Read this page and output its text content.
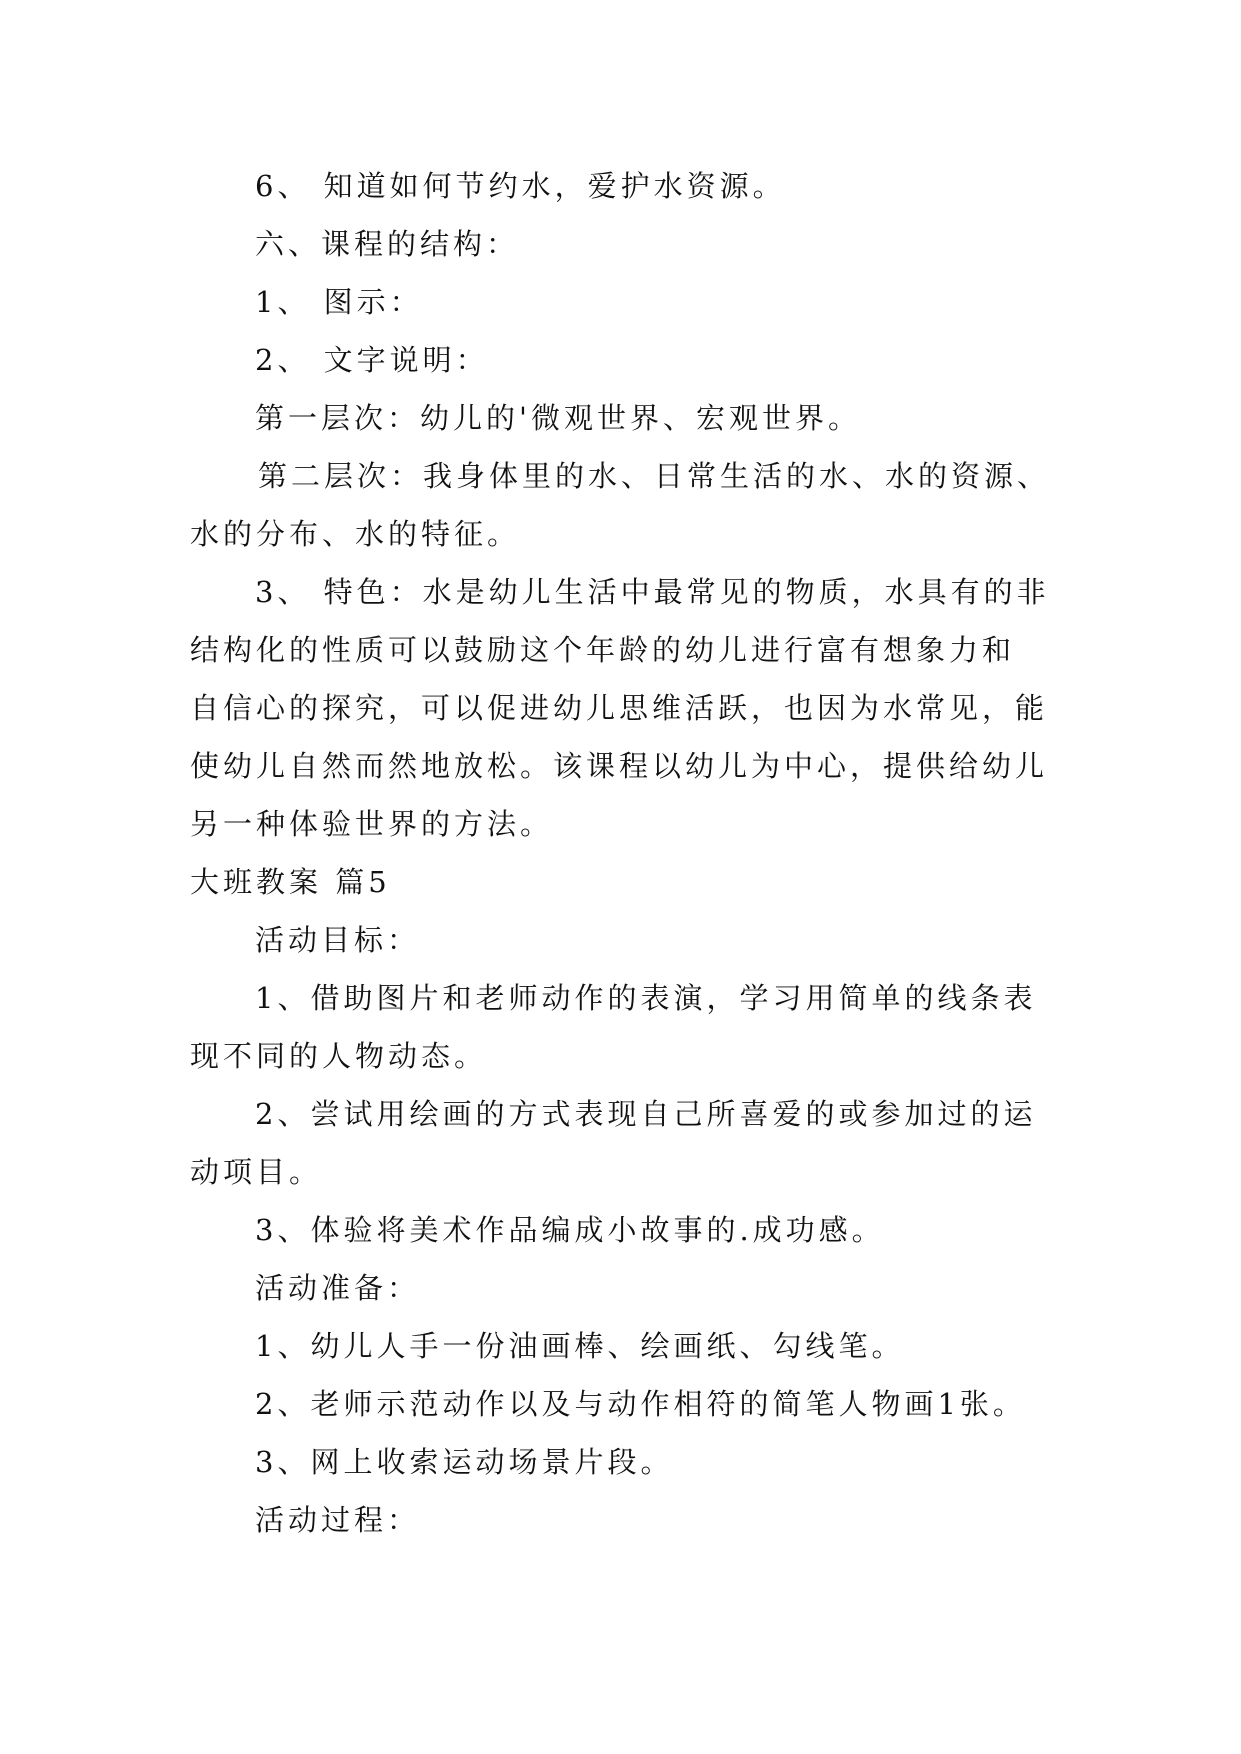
6、 知道如何节约水，爱护水资源。
六、课程的结构：
1、 图示：
2、 文字说明：
第一层次：幼儿的'微观世界、宏观世界。
第二层次：我身体里的水、日常生活的水、水的资源、
水的分布、水的特征。
3、 特色：水是幼儿生活中最常见的物质，水具有的非
结构化的性质可以鼓励这个年龄的幼儿进行富有想象力和
自信心的探究，可以促进幼儿思维活跃，也因为水常见，能
使幼儿自然而然地放松。该课程以幼儿为中心，提供给幼儿
另一种体验世界的方法。
大班教案 篇5
活动目标：
1、借助图片和老师动作的表演，学习用简单的线条表
现不同的人物动态。
2、尝试用绘画的方式表现自己所喜爱的或参加过的运
动项目。
3、体验将美术作品编成小故事的.成功感。
活动准备：
1、幼儿人手一份油画棒、绘画纸、勾线笔。
2、老师示范动作以及与动作相符的简笔人物画1张。
3、网上收索运动场景片段。
活动过程：
